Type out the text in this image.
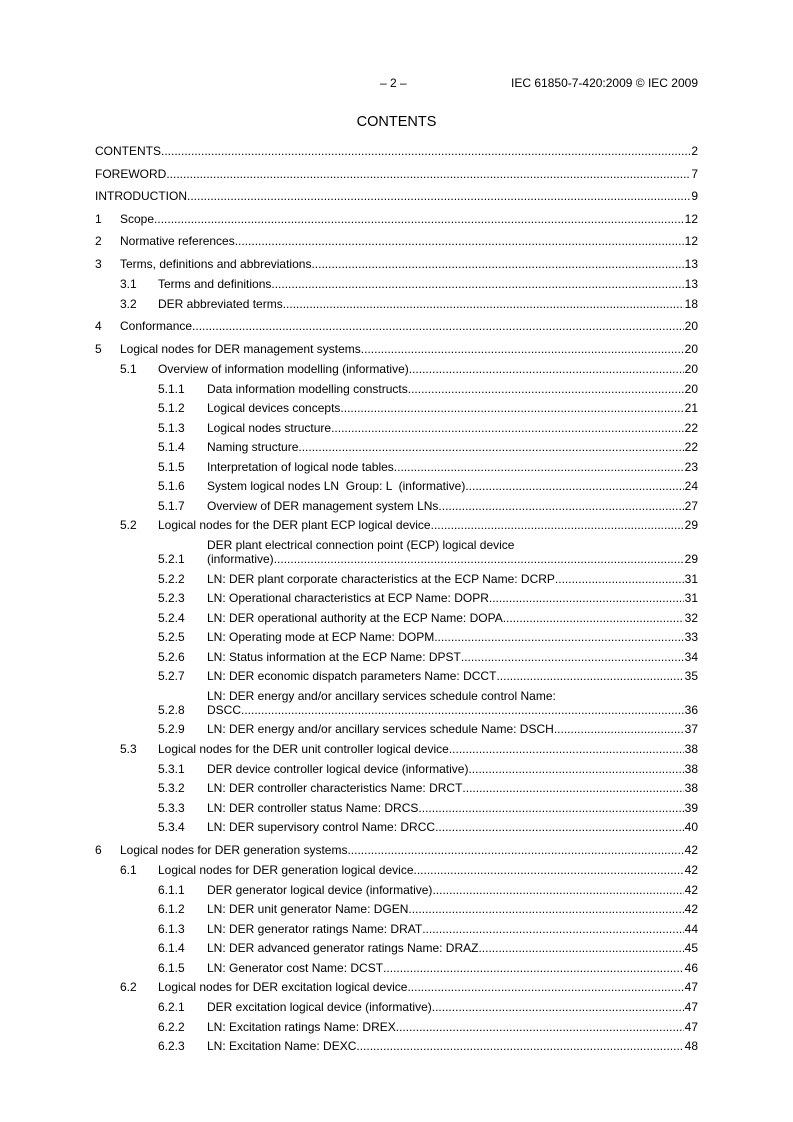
– 2 –	IEC 61850-7-420:2009 © IEC 2009
CONTENTS
CONTENTS .....	2
FOREWORD .....	7
INTRODUCTION .....	9
1 Scope .....	12
2 Normative references .....	12
3 Terms, definitions and abbreviations .....	13
3.1 Terms and definitions .....	13
3.2 DER abbreviated terms .....	18
4 Conformance .....	20
5 Logical nodes for DER management systems .....	20
5.1 Overview of information modelling (informative) .....	20
5.1.1 Data information modelling constructs .....	20
5.1.2 Logical devices concepts .....	21
5.1.3 Logical nodes structure .....	22
5.1.4 Naming structure .....	22
5.1.5 Interpretation of logical node tables .....	23
5.1.6 System logical nodes LN  Group: L  (informative) .....	24
5.1.7 Overview of DER management system LNs .....	27
5.2 Logical nodes for the DER plant ECP logical device .....	29
5.2.1
DER plant electrical connection point (ECP) logical device
(informative) .....	29
5.2.2 LN: DER plant corporate characteristics at the ECP Name: DCRP .....	31
5.2.3 LN: Operational characteristics at ECP Name: DOPR .....	31
5.2.4 LN: DER operational authority at the ECP Name: DOPA .....	32
5.2.5 LN: Operating mode at ECP Name: DOPM .....	33
5.2.6 LN: Status information at the ECP Name: DPST .....	34
5.2.7 LN: DER economic dispatch parameters Name: DCCT .....	35
5.2.8
LN: DER energy and/or ancillary services schedule control Name:
DSCC .....	36
5.2.9 LN: DER energy and/or ancillary services schedule Name: DSCH .....	37
5.3 Logical nodes for the DER unit controller logical device .....	38
5.3.1 DER device controller logical device (informative) .....	38
5.3.2 LN: DER controller characteristics Name: DRCT .....	38
5.3.3 LN: DER controller status Name: DRCS .....	39
5.3.4 LN: DER supervisory control Name: DRCC .....	40
6 Logical nodes for DER generation systems .....	42
6.1 Logical nodes for DER generation logical device .....	42
6.1.1 DER generator logical device (informative) .....	42
6.1.2 LN: DER unit generator Name: DGEN .....	42
6.1.3 LN: DER generator ratings Name: DRAT .....	44
6.1.4 LN: DER advanced generator ratings Name: DRAZ .....	45
6.1.5 LN: Generator cost Name: DCST .....	46
6.2 Logical nodes for DER excitation logical device .....	47
6.2.1 DER excitation logical device (informative) .....	47
6.2.2 LN: Excitation ratings Name: DREX .....	47
6.2.3 LN: Excitation Name: DEXC .....	48
